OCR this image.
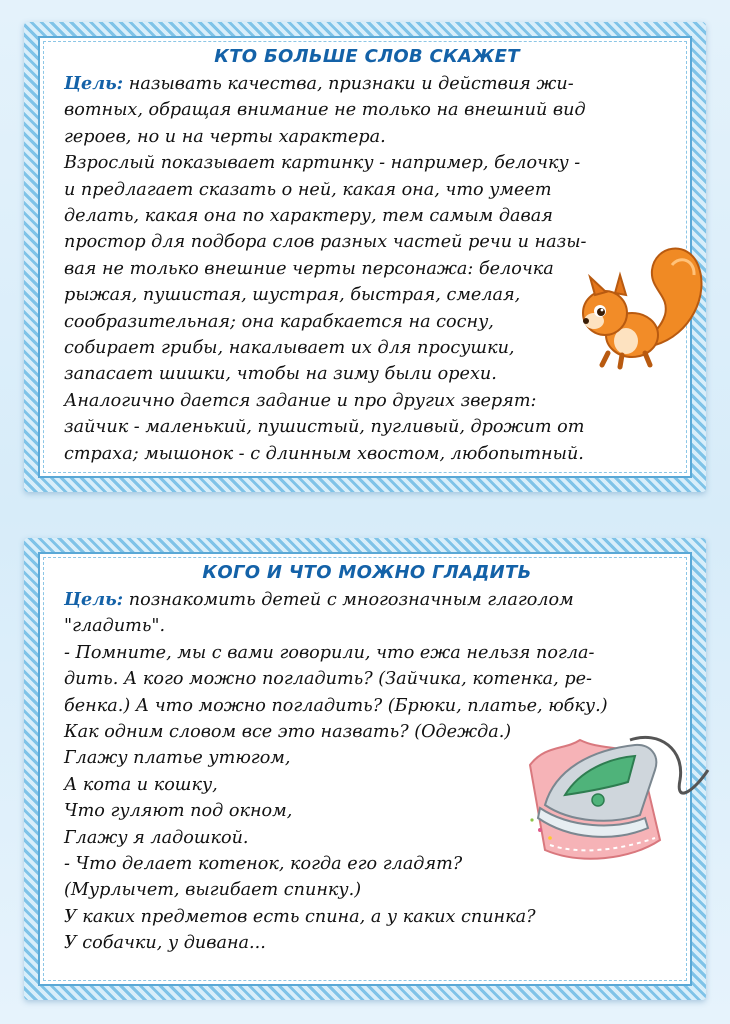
КТО БОЛЬШЕ СЛОВ СКАЖЕТ
Цель: называть качества, признаки и действия жи-
вотных, обращая внимание не только на внешний вид
героев, но и на черты характера.
Взрослый показывает картинку - например, белочку -
и предлагает сказать о ней, какая она, что умеет
делать, какая она по характеру, тем самым давая
простор для подбора слов разных частей речи и назы-
вая не только внешние черты персонажа: белочка
рыжая, пушистая, шустрая, быстрая, смелая,
сообразительная; она карабкается на сосну,
собирает грибы, накалывает их для просушки,
запасает шишки, чтобы на зиму были орехи.
Аналогично дается задание и про других зверят:
зайчик - маленький, пушистый, пугливый, дрожит от
страха; мышонок - с длинным хвостом, любопытный.
КОГО И ЧТО МОЖНО ГЛАДИТЬ
Цель: познакомить детей с многозначным глаголом
"гладить".
- Помните, мы с вами говорили, что ежа нельзя погла-
дить. А кого можно погладить? (Зайчика, котенка, ре-
бенка.) А что можно погладить? (Брюки, платье, юбку.)
Как одним словом все это назвать? (Одежда.)
Глажу платье утюгом,
А кота и кошку,
Что гуляют под окном,
Глажу я ладошкой.
- Что делает котенок, когда его гладят?
(Мурлычет, выгибает спинку.)
У каких предметов есть спина, а у каких спинка?
У собачки, у дивана...
